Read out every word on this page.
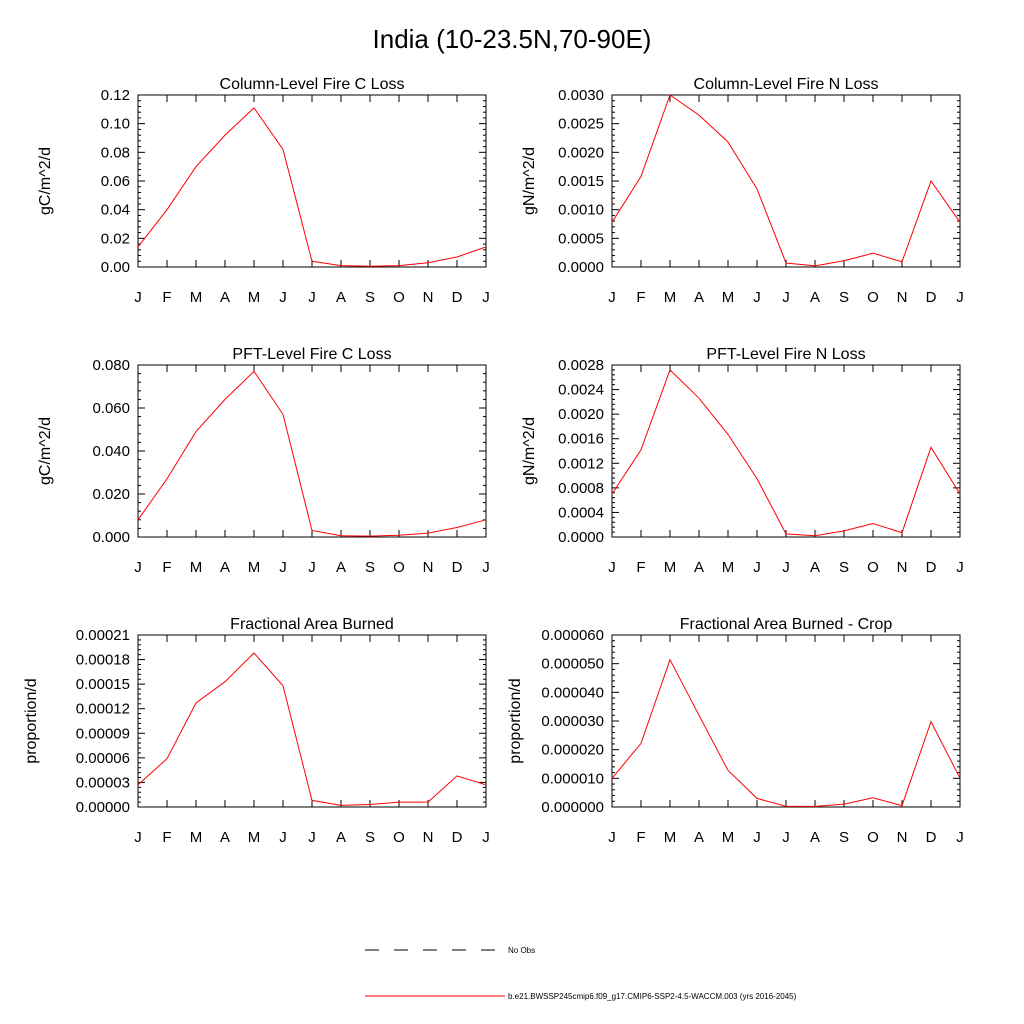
India (10-23.5N,70-90E)
Column-Level Fire C Loss
gC/m^2/d
0.00
0.02
0.04
0.06
0.08
0.10
0.12
J F M A M J J A S O N D J
Column-Level Fire N Loss
gN/m^2/d
0.0000
0.0005
0.0010
0.0015
0.0020
0.0025
0.0030
J F M A M J J A S O N D J
PFT-Level Fire C Loss
gC/m^2/d
0.000
0.020
0.040
0.060
0.080
J F M A M J J A S O N D J
PFT-Level Fire N Loss
gN/m^2/d
0.0000
0.0004
0.0008
0.0012
0.0016
0.0020
0.0024
0.0028
J F M A M J J A S O N D J
Fractional Area Burned
proportion/d
0.00000
0.00003
0.00006
0.00009
0.00012
0.00015
0.00018
0.00021
J F M A M J J A S O N D J
Fractional Area Burned - Crop
proportion/d
0.000000
0.000010
0.000020
0.000030
0.000040
0.000050
0.000060
J F M A M J J A S O N D J
No Obs
b.e21.BWSSP245cmip6.f09_g17.CMIP6-SSP2-4.5-WACCM.003 (yrs 2016-2045)
